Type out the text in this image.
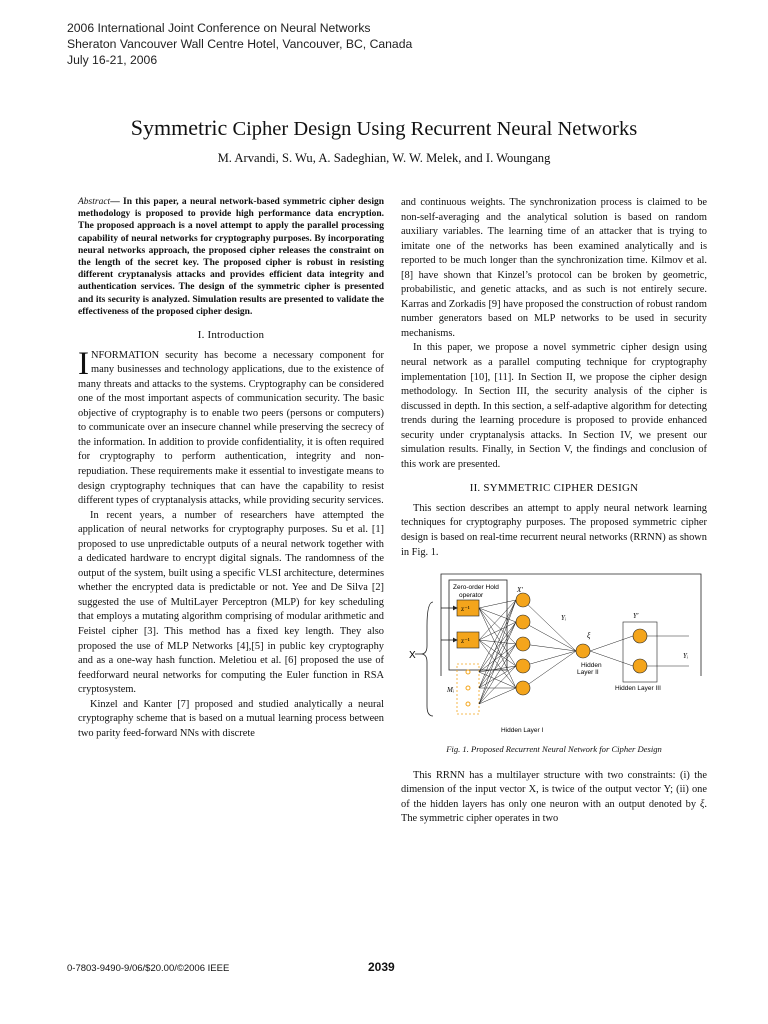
2006 International Joint Conference on Neural Networks
Sheraton Vancouver Wall Centre Hotel, Vancouver, BC, Canada
July 16-21, 2006
Symmetric Cipher Design Using Recurrent Neural Networks
M. Arvandi, S. Wu, A. Sadeghian, W. W. Melek, and I. Woungang

Abstract— In this paper, a neural network-based symmetric cipher design methodology is proposed to provide high performance data encryption. The proposed approach is a novel attempt to apply the parallel processing capability of neural networks for cryptography purposes. By incorporating neural networks approach, the proposed cipher releases the constraint on the length of the secret key. The proposed cipher is robust in resisting different cryptanalysis attacks and provides efficient data integrity and authentication services. The design of the symmetric cipher is presented and its security is analyzed. Simulation results are presented to validate the effectiveness of the proposed cipher design.

I. Introduction

INFORMATION security has become a necessary component for many businesses and technology applications, due to the existence of many threats and attacks to the systems. Cryptography can be considered one of the most important aspects of communication security. The basic objective of cryptography is to enable two peers (persons or computers) to communicate over an insecure channel while preserving the secrecy of the information. In addition to provide confidentiality, it is often required for cryptography to perform authentication, integrity and non-repudiation. These requirements make it essential to investigate means to design cryptography techniques that can have the capability to resist different types of cryptanalysis attacks, while providing security services.

In recent years, a number of researchers have attempted the application of neural networks for cryptography purposes. Su et al. [1] proposed to use unpredictable outputs of a neural network together with a dedicated hardware to encrypt digital signals. The randomness of the output of the system, built using a specific VLSI architecture, determines whether the encrypted data is predictable or not. Yee and De Silva [2] suggested the use of MultiLayer Perceptron (MLP) for key scheduling that employs a mutating algorithm comprising of modular arithmetic and Feistel cipher [3]. This method has a fixed key length. They also proposed the use of MLP Networks [4],[5] in public key cryptography and as a one-way hash function. Meletiou et al. [6] proposed the use of feedforward neural networks for computing the Euler function in RSA cryptosystem.

Kinzel and Kanter [7] proposed and studied analytically a neural cryptography scheme that is based on a mutual learning process between two parity feed-forward NNs with discrete

and continuous weights. The synchronization process is claimed to be non-self-averaging and the analytical solution is based on random auxiliary variables. The learning time of an attacker that is trying to imitate one of the networks has been examined analytically and is reported to be much longer than the synchronization time. Kilmov et al. [8] have shown that Kinzel’s protocol can be broken by geometric, probabilistic, and genetic attacks, and as such is not entirely secure. Karras and Zorkadis [9] have proposed the construction of robust random number generators based on MLP networks to be used in security mechanisms.

In this paper, we propose a novel symmetric cipher design using neural network as a parallel computing technique for cryptography implementation [10], [11]. In Section II, we propose the cipher design methodology. In Section III, the security analysis of the cipher is discussed in depth. In this section, a self-adaptive algorithm for detecting trends during the learning procedure is proposed to provide enhanced security under cryptanalysis attacks. In Section IV, we present our simulation results. Finally, in Section V, the findings and conclusion of this work are presented.

II. SYMMETRIC CIPHER DESIGN

This section describes an attempt to apply neural network learning techniques for cryptography purposes. The proposed symmetric cipher design is based on real-time recurrent neural networks (RRNN) as shown in Fig. 1.

Zero-order Hold
operator
z⁻¹
z⁻¹
X
Mᵢ
X′
Yᵢ
ξ
Y′
Yᵢ
Hidden Layer I
Hidden
Layer II
Hidden Layer III

Fig. 1. Proposed Recurrent Neural Network for Cipher Design

This RRNN has a multilayer structure with two constraints: (i) the dimension of the input vector X, is twice of the output vector Y; (ii) one of the hidden layers has only one neuron with an output denoted by ξ. The symmetric cipher operates in two

0-7803-9490-9/06/$20.00/©2006 IEEE	2039
